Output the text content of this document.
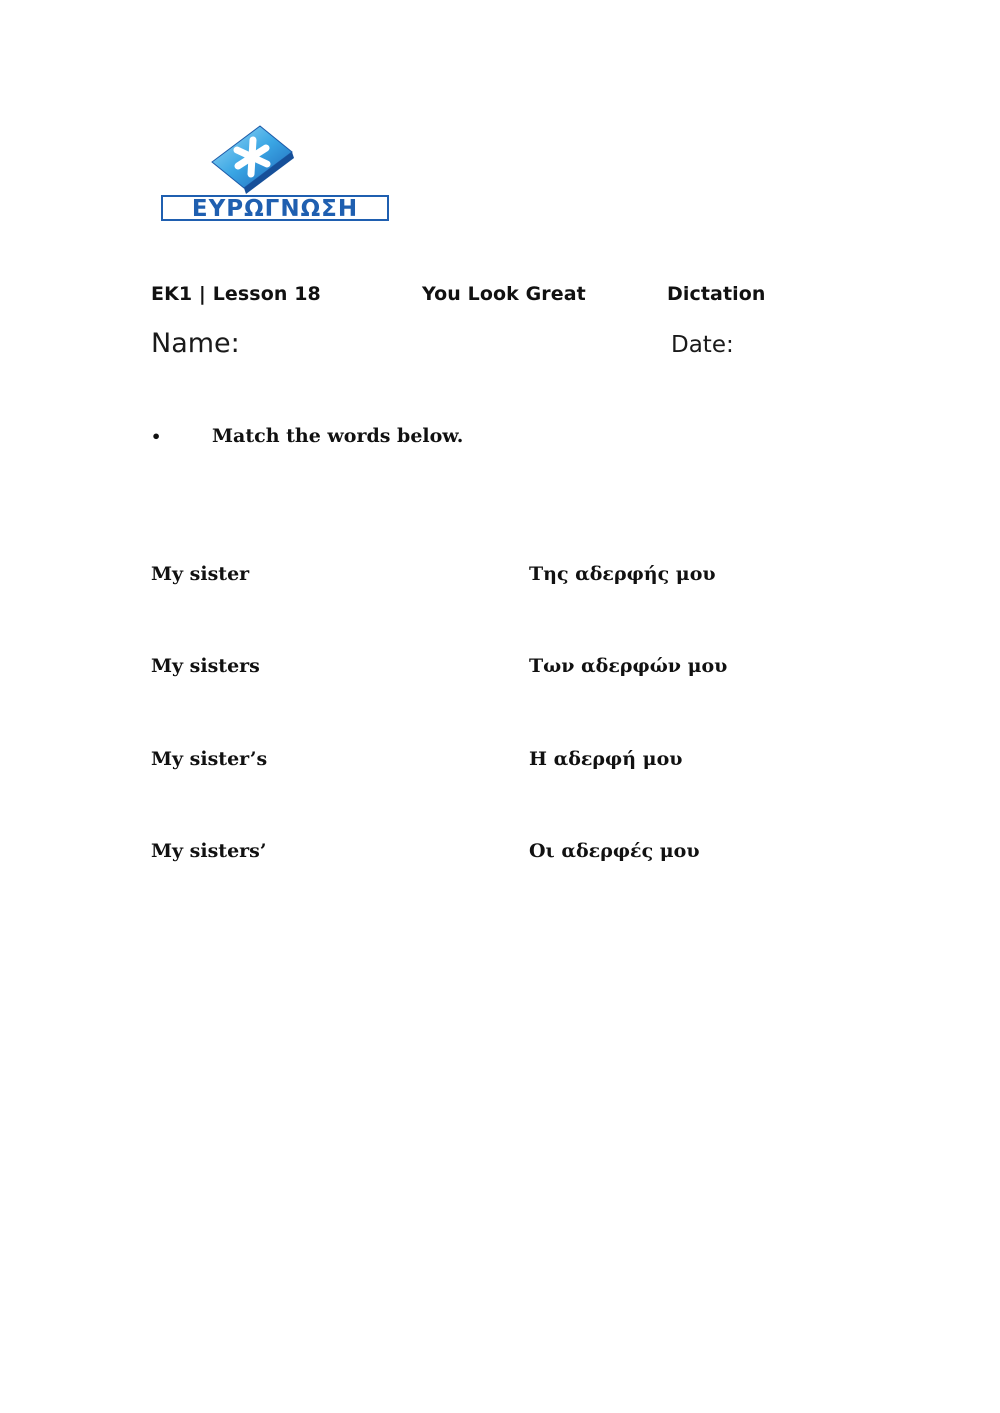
ΕΥΡΩΓΝΩΣΗ
EK1 | Lesson 18	You Look Great	Dictation
Name:	Date:
•	Match the words below.
My sister	Της αδερφής μου
My sisters	Των αδερφών μου
My sister’s	Η αδερφή μου
My sisters’	Οι αδερφές μου
